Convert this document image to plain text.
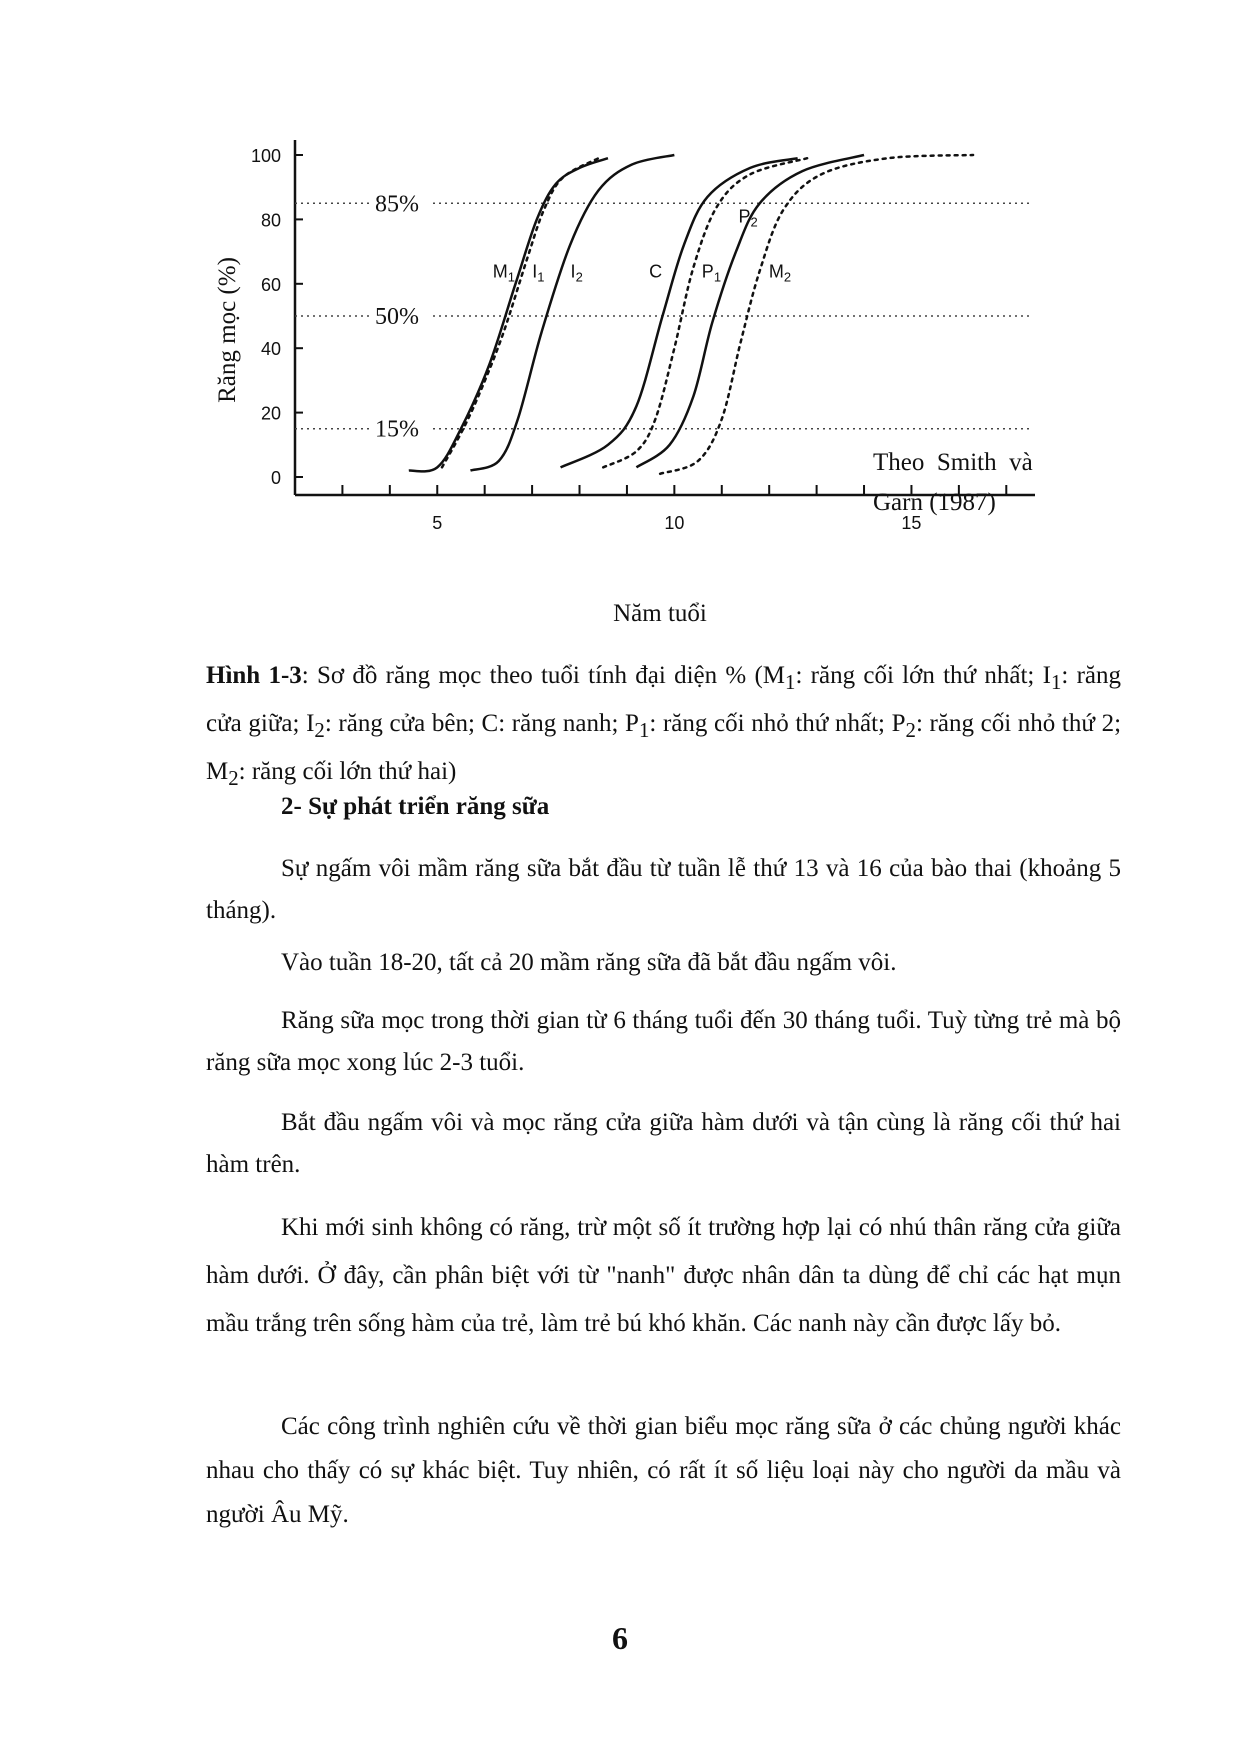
Răng mọc (%)
0
20
40
60
80
100
5	10	15
85%
50%
15%
$M_1$ $I_1$ $I_2$	C $P_1$
$P_2$
$M_2$
Theo  Smith  và
Garn (1987)
Năm tuổi
Hình 1-3: Sơ đồ răng mọc theo tuổi tính đại diện % ($M_1$: răng cối lớn thứ nhất; $I_1$: răng cửa giữa; $I_2$: răng cửa bên; C: răng nanh; $P_1$: răng cối nhỏ thứ nhất; $P_2$: răng cối nhỏ thứ 2; $M_2$: răng cối lớn thứ hai)
2- Sự phát triển răng sữa

Sự ngấm vôi mầm răng sữa bắt đầu từ tuần lễ thứ 13 và 16 của bào thai (khoảng 5 tháng).

Vào tuần 18-20, tất cả 20 mầm răng sữa đã bắt đầu ngấm vôi.

Răng sữa mọc trong thời gian từ 6 tháng tuổi đến 30 tháng tuổi. Tuỳ từng trẻ mà bộ răng sữa mọc xong lúc 2-3 tuổi.

Bắt đầu ngấm vôi và mọc răng cửa giữa hàm dưới và tận cùng là răng cối thứ hai hàm trên.

Khi mới sinh không có răng, trừ một số ít trường hợp lại có nhú thân răng cửa giữa hàm dưới. Ở đây, cần phân biệt với từ "nanh" được nhân dân ta dùng để chỉ các hạt mụn mầu trắng trên sống hàm của trẻ, làm trẻ bú khó khăn. Các nanh này cần được lấy bỏ.

Các công trình nghiên cứu về thời gian biểu mọc răng sữa ở các chủng người khác nhau cho thấy có sự khác biệt. Tuy nhiên, có rất ít số liệu loại này cho người da mầu và người Âu Mỹ.

6
